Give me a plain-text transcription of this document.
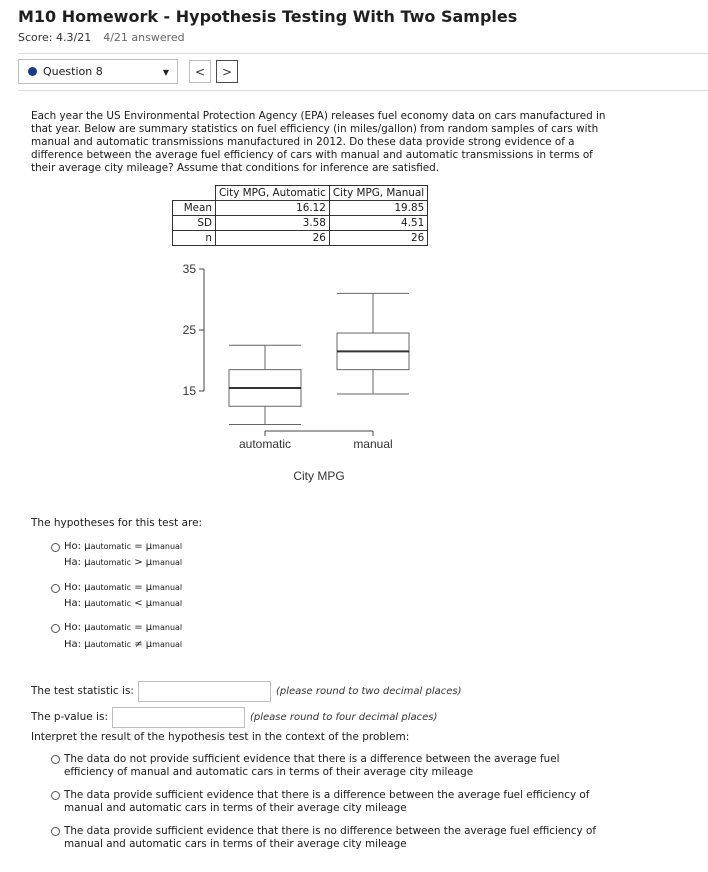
M10 Homework - Hypothesis Testing With Two Samples
Score: 4.3/21 4/21 answered
Question 8	▼	<	>

Each year the US Environmental Protection Agency (EPA) releases fuel economy data on cars manufactured in that year. Below are summary statistics on fuel efficiency (in miles/gallon) from random samples of cars with manual and automatic transmissions manufactured in 2012. Do these data provide strong evidence of a difference between the average fuel efficiency of cars with manual and automatic transmissions in terms of their average city mileage? Assume that conditions for inference are satisfied.

	City MPG, Automatic	City MPG, Manual
Mean	16.12	19.85
SD	3.58	4.51
n	26	26
35
25
15
automatic	manual
City MPG
The hypotheses for this test are:
Ho: μautomatic = μmanual
Ha: μautomatic > μmanual
Ho: μautomatic = μmanual
Ha: μautomatic < μmanual
Ho: μautomatic = μmanual
Ha: μautomatic ≠ μmanual
The test statistic is:	(please round to two decimal places)
The p-value is:	(please round to four decimal places)
Interpret the result of the hypothesis test in the context of the problem:
The data do not provide sufficient evidence that there is a difference between the average fuel efficiency of manual and automatic cars in terms of their average city mileage
The data provide sufficient evidence that there is a difference between the average fuel efficiency of manual and automatic cars in terms of their average city mileage
The data provide sufficient evidence that there is no difference between the average fuel efficiency of manual and automatic cars in terms of their average city mileage
